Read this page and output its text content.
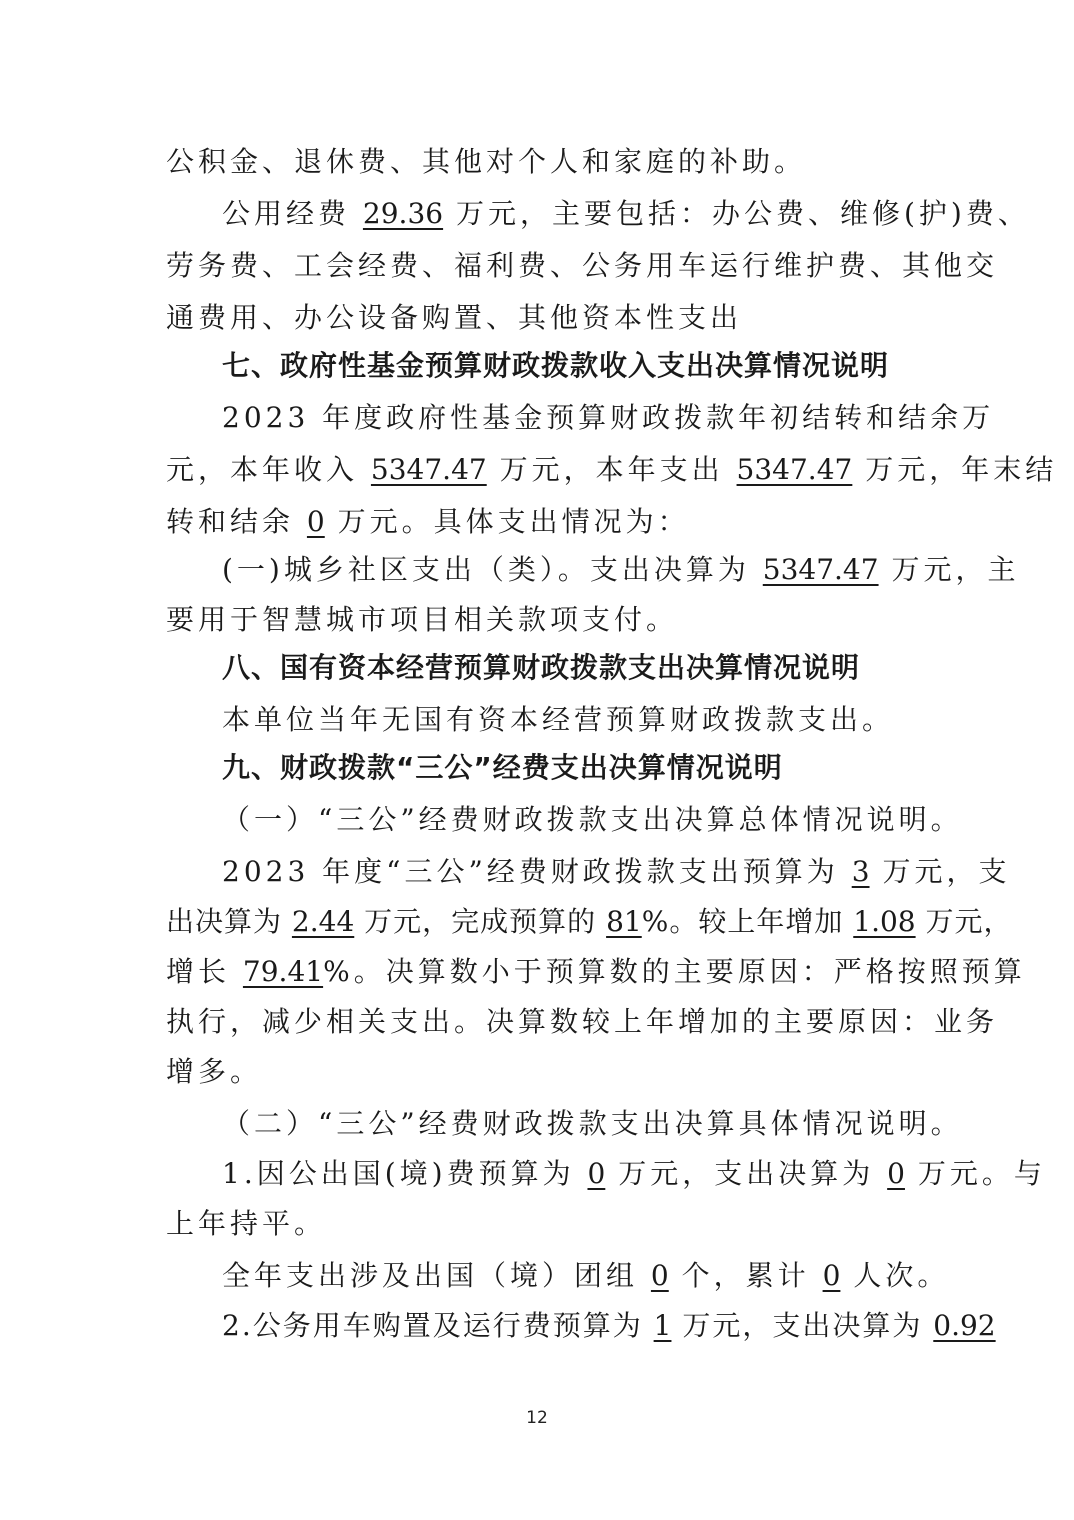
公积金、退休费、其他对个人和家庭的补助。
公用经费 29.36 万元，主要包括：办公费、维修(护)费、
劳务费、工会经费、福利费、公务用车运行维护费、其他交
通费用、办公设备购置、其他资本性支出
七、政府性基金预算财政拨款收入支出决算情况说明
2023 年度政府性基金预算财政拨款年初结转和结余万
元，本年收入 5347.47 万元，本年支出 5347.47 万元，年末结
转和结余 0 万元。具体支出情况为：
(一)城乡社区支出（类）。支出决算为 5347.47 万元，主
要用于智慧城市项目相关款项支付。
八、国有资本经营预算财政拨款支出决算情况说明
本单位当年无国有资本经营预算财政拨款支出。
九、财政拨款“三公”经费支出决算情况说明
（一）“三公”经费财政拨款支出决算总体情况说明。
2023 年度“三公”经费财政拨款支出预算为 3 万元，支
出决算为 2.44 万元，完成预算的 81%。较上年增加 1.08 万元，
增长 79.41%。决算数小于预算数的主要原因：严格按照预算
执行，减少相关支出。决算数较上年增加的主要原因：业务
增多。
（二）“三公”经费财政拨款支出决算具体情况说明。
1.因公出国(境)费预算为 0 万元，支出决算为 0 万元。与
上年持平。
全年支出涉及出国（境）团组 0 个，累计 0 人次。
2.公务用车购置及运行费预算为 1 万元，支出决算为 0.92
12
